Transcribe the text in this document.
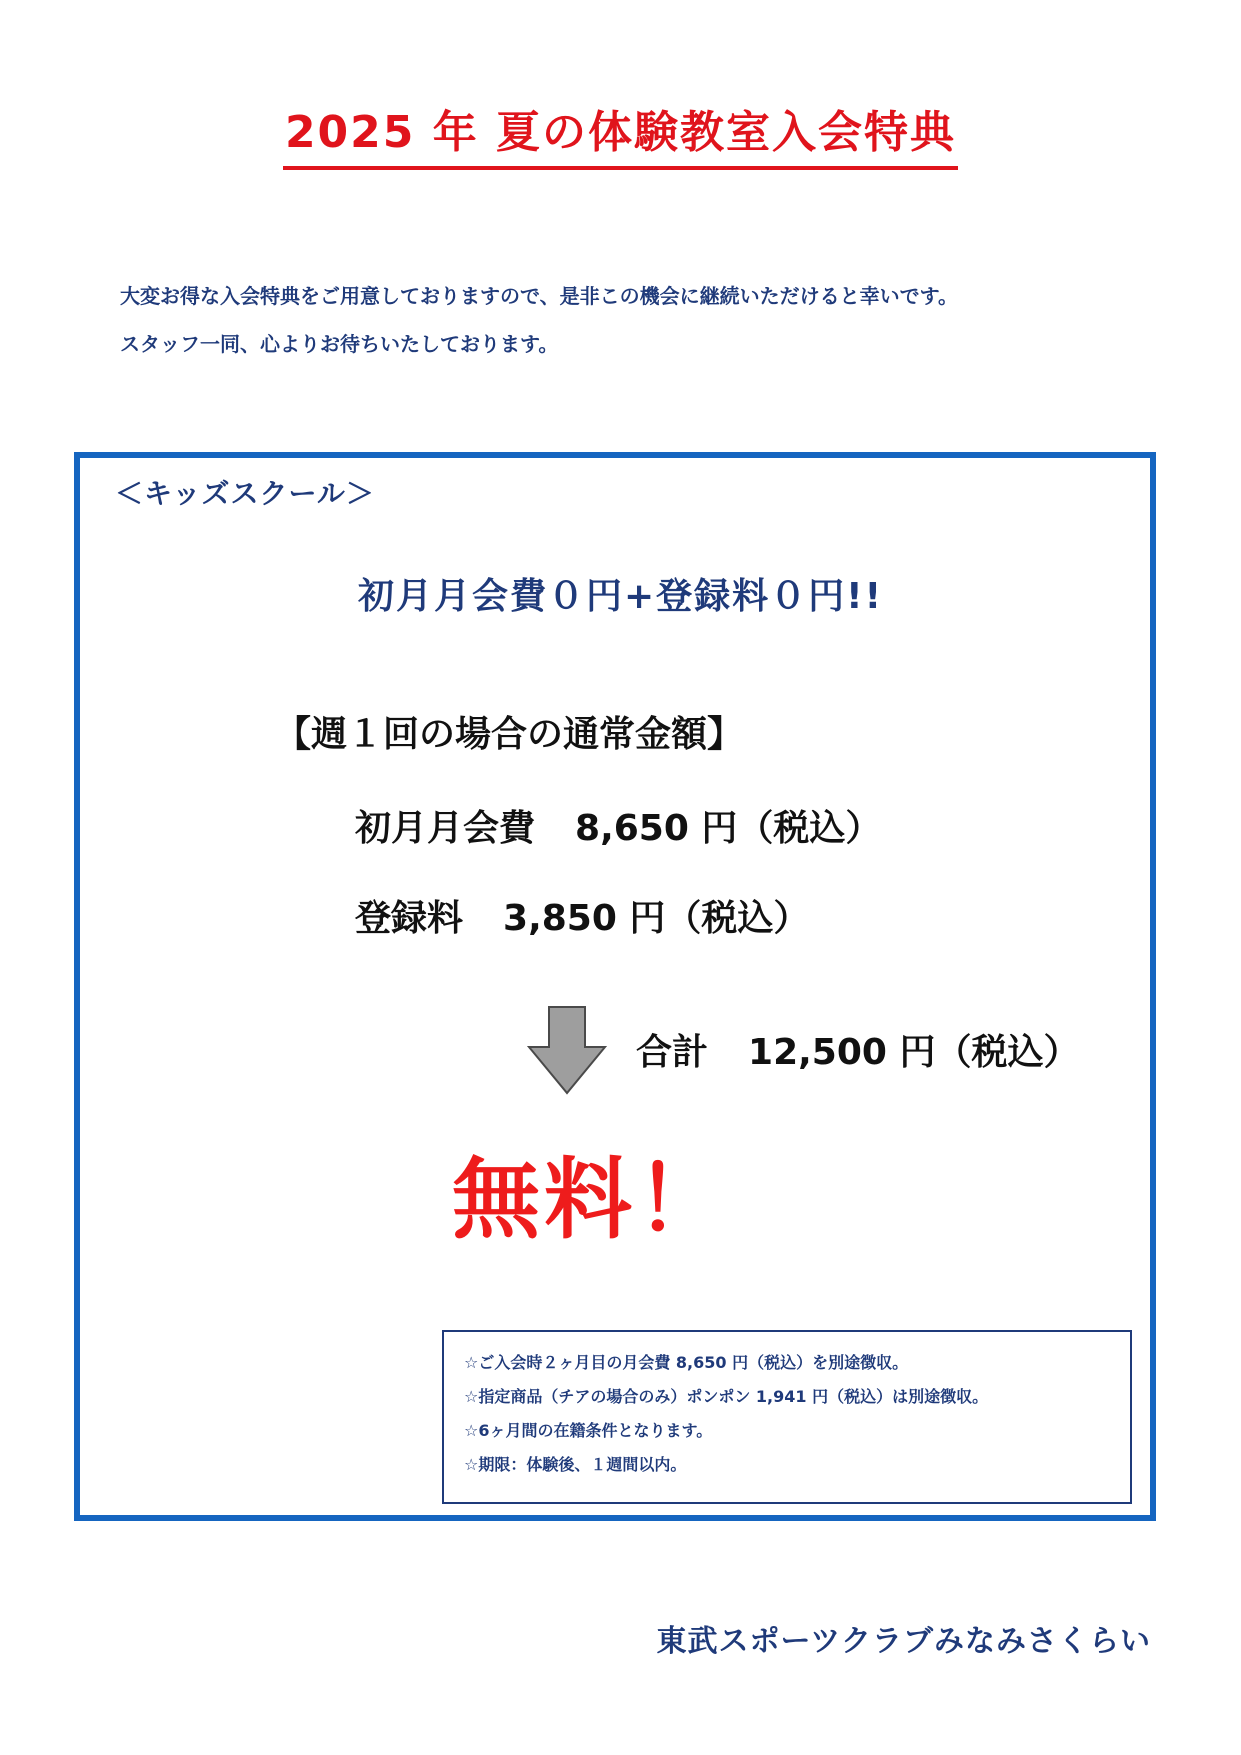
2025 年 夏の体験教室入会特典
大変お得な入会特典をご用意しておりますので、是非この機会に継続いただけると幸いです。
スタッフ一同、心よりお待ちいたしております。
＜キッズスクール＞
初月月会費０円+登録料０円!!
【週１回の場合の通常金額】
初月月会費 8,650 円（税込）
登録料 3,850 円（税込）
合計 12,500 円（税込）
無料！
☆ご入会時２ヶ月目の月会費 8,650 円（税込）を別途徴収。
☆指定商品（チアの場合のみ）ポンポン 1,941 円（税込）は別途徴収。
☆6ヶ月間の在籍条件となります。
☆期限：体験後、１週間以内。
東武スポーツクラブみなみさくらい
